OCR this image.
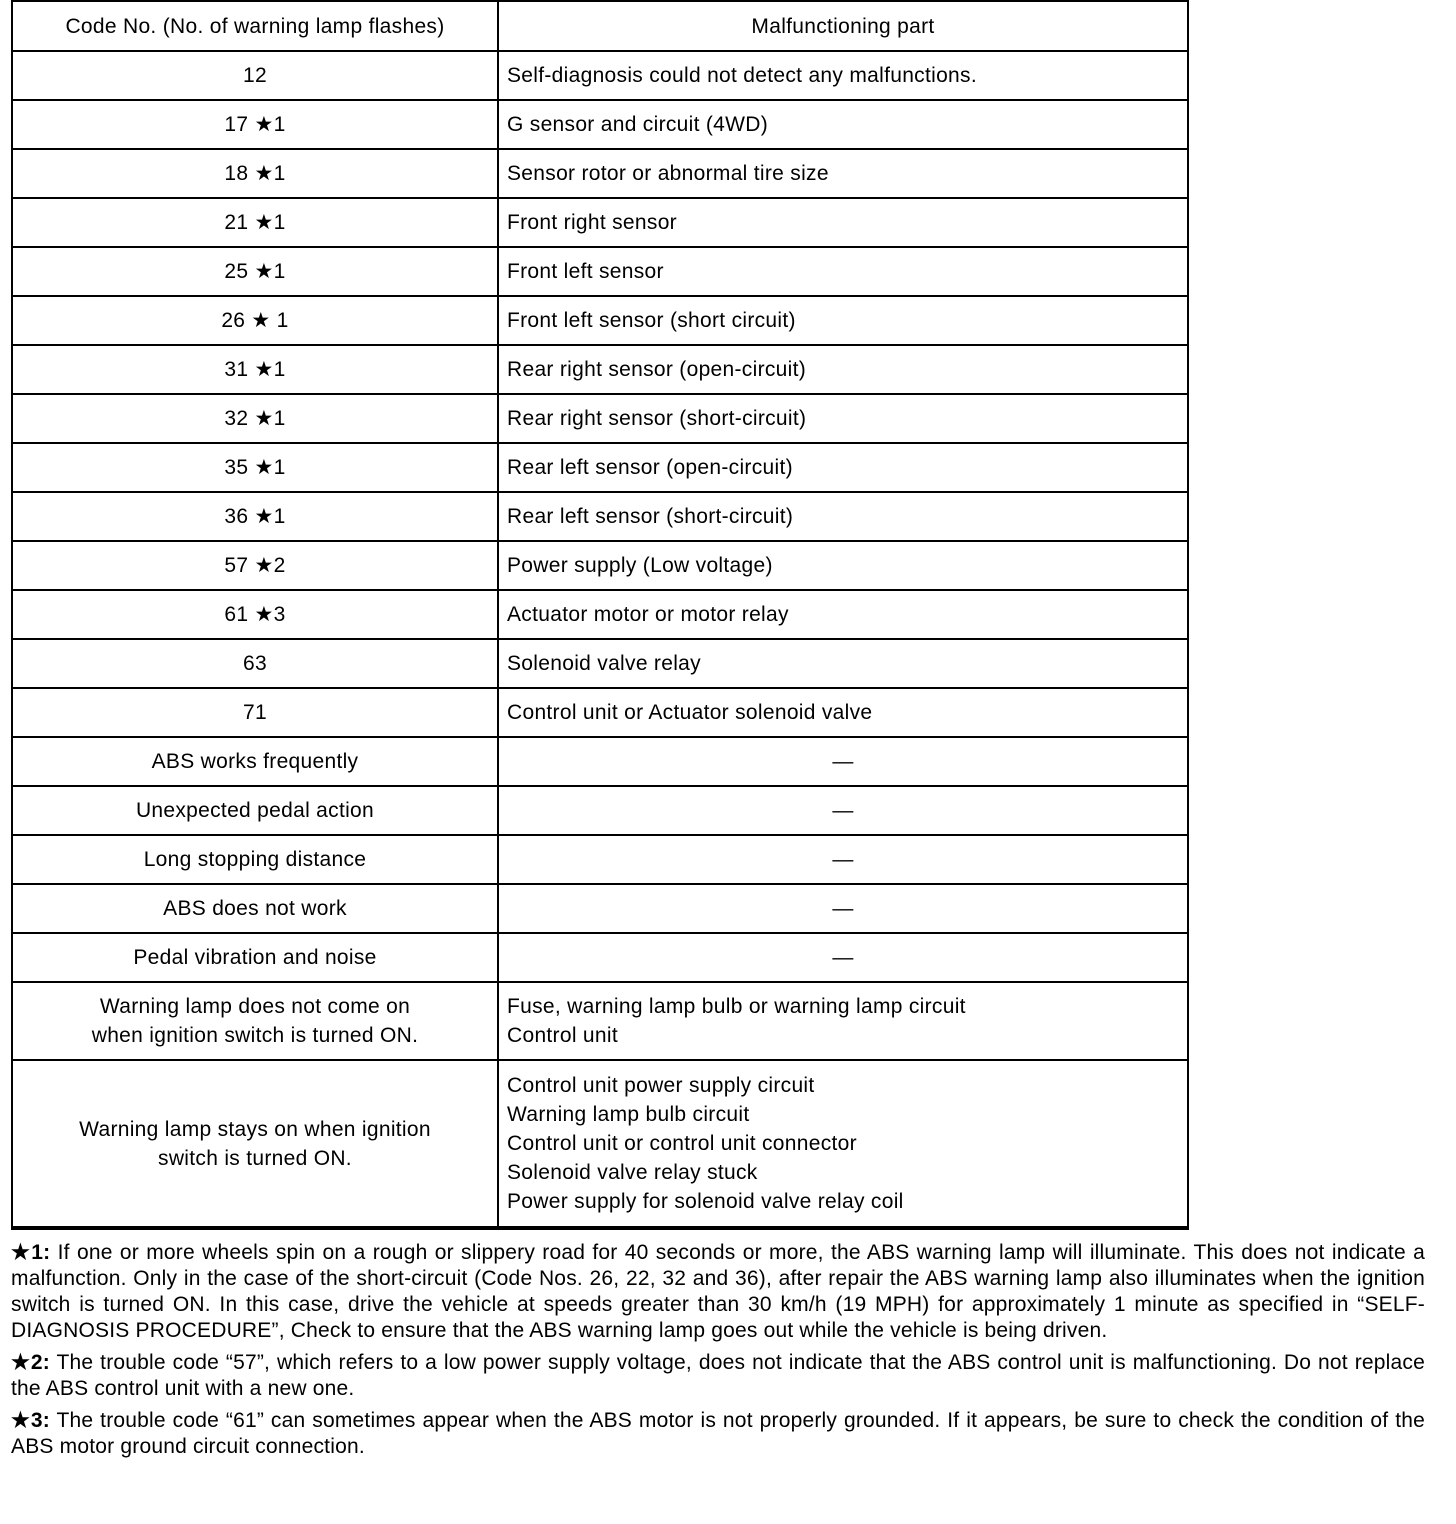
Code No. (No. of warning lamp flashes)	Malfunctioning part
12	Self-diagnosis could not detect any malfunctions.

17 ★1	G sensor and circuit (4WD)

18 ★1	Sensor rotor or abnormal tire size

21 ★1	Front right sensor

25 ★1	Front left sensor

26 ★ 1	Front left sensor (short circuit)

31 ★1	Rear right sensor (open-circuit)

32 ★1	Rear right sensor (short-circuit)

35 ★1	Rear left sensor (open-circuit)

36 ★1	Rear left sensor (short-circuit)

57 ★2	Power supply (Low voltage)

61 ★3	Actuator motor or motor relay

63	Solenoid valve relay

71	Control unit or Actuator solenoid valve

ABS works frequently	—

Unexpected pedal action	—

Long stopping distance	—

ABS does not work	—

Pedal vibration and noise	—

Warning lamp does not come on
when ignition switch is turned ON.	Fuse, warning lamp bulb or warning lamp circuit
Control unit

Warning lamp stays on when ignition
switch is turned ON.	Control unit power supply circuit
Warning lamp bulb circuit
Control unit or control unit connector
Solenoid valve relay stuck
Power supply for solenoid valve relay coil

★1: If one or more wheels spin on a rough or slippery road for 40 seconds or more, the ABS warning lamp will illuminate. This does not indicate a malfunction. Only in the case of the short-circuit (Code Nos. 26, 22, 32 and 36), after repair the ABS warning lamp also illuminates when the ignition switch is turned ON. In this case, drive the vehicle at speeds greater than 30 km/h (19 MPH) for approximately 1 minute as specified in “SELF-DIAGNOSIS PROCEDURE”, Check to ensure that the ABS warning lamp goes out while the vehicle is being driven.

★2: The trouble code “57”, which refers to a low power supply voltage, does not indicate that the ABS control unit is malfunctioning. Do not replace the ABS control unit with a new one.

★3: The trouble code “61” can sometimes appear when the ABS motor is not properly grounded. If it appears, be sure to check the condition of the ABS motor ground circuit connection.
